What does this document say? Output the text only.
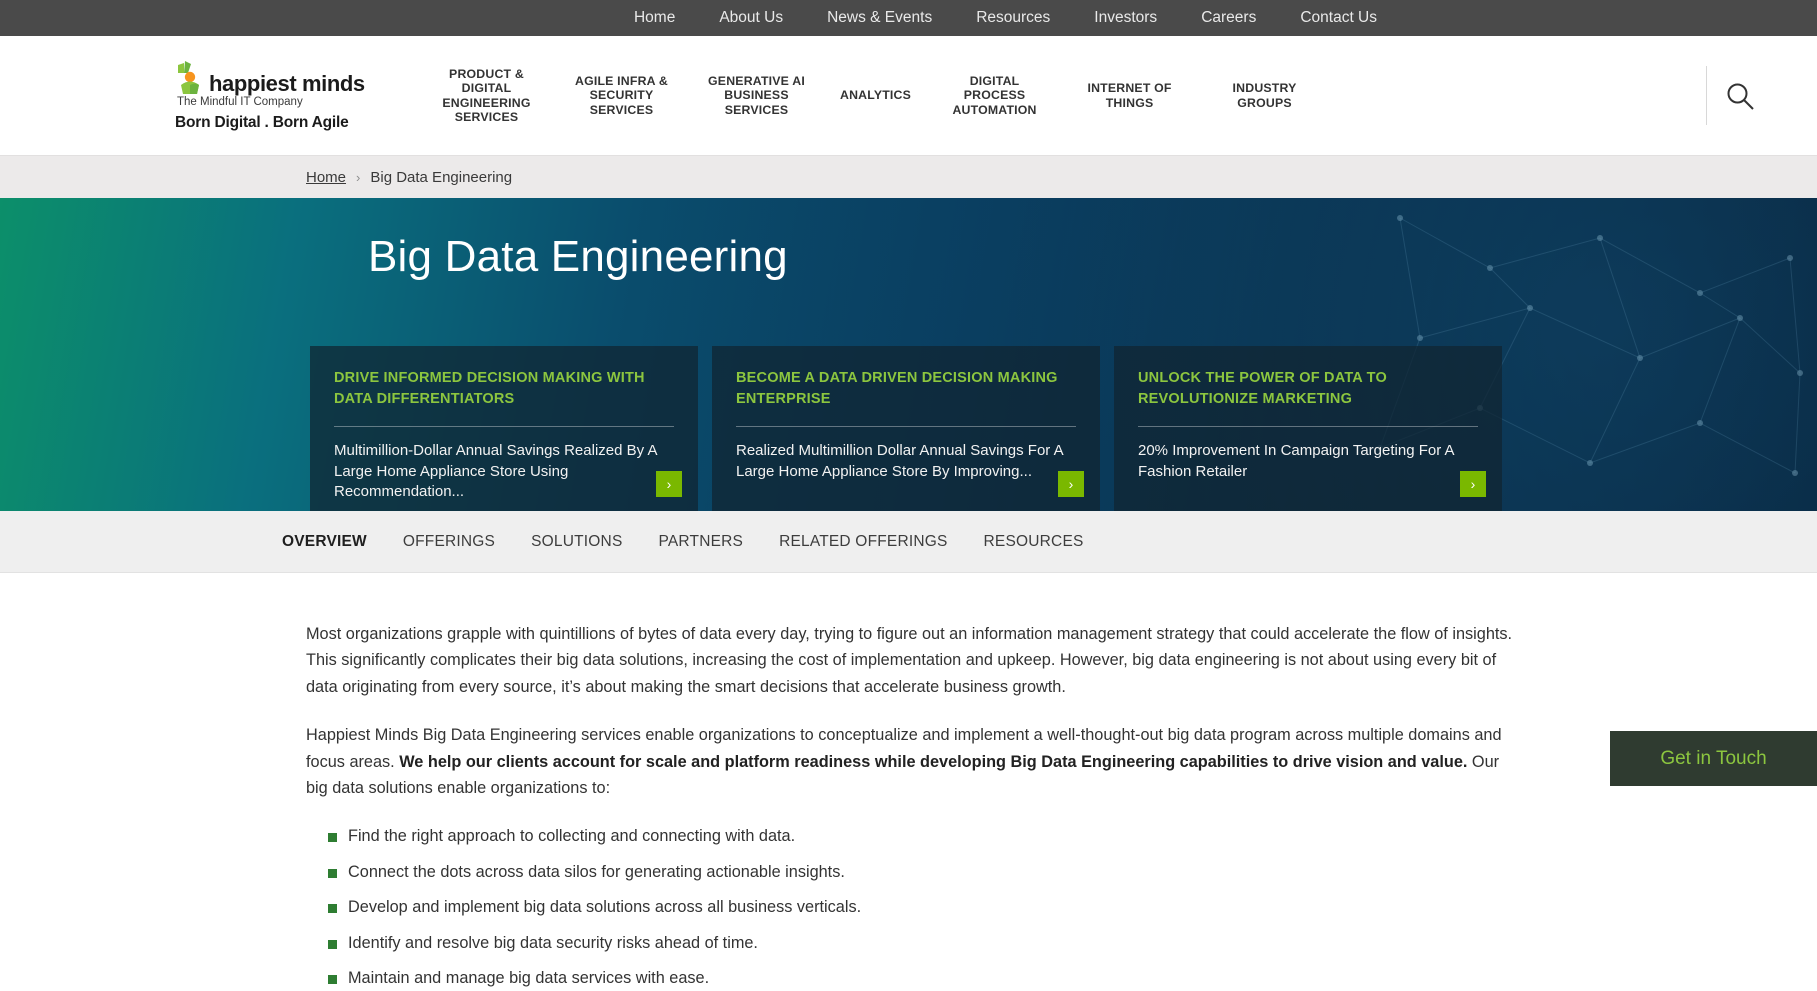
Home	About Us	News & Events	Resources	Investors	Careers	Contact Us
happiest minds
The Mindful IT Company
Born Digital . Born Agile
PRODUCT & DIGITAL ENGINEERING SERVICES
AGILE INFRA & SECURITY SERVICES
GENERATIVE AI BUSINESS SERVICES
ANALYTICS
DIGITAL PROCESS AUTOMATION
INTERNET OF THINGS
INDUSTRY GROUPS
Home › Big Data Engineering
Big Data Engineering
DRIVE INFORMED DECISION MAKING WITH DATA DIFFERENTIATORS

Multimillion-Dollar Annual Savings Realized By A Large Home Appliance Store Using Recommendation...	›
BECOME A DATA DRIVEN DECISION MAKING ENTERPRISE

Realized Multimillion Dollar Annual Savings For A Large Home Appliance Store By Improving...

›
UNLOCK THE POWER OF DATA TO REVOLUTIONIZE MARKETING

20% Improvement In Campaign Targeting For A Fashion Retailer

›
OVERVIEW OFFERINGS SOLUTIONS PARTNERS RELATED OFFERINGS RESOURCES

Most organizations grapple with quintillions of bytes of data every day, trying to figure out an information management strategy that could accelerate the flow of insights. This significantly complicates their big data solutions, increasing the cost of implementation and upkeep. However, big data engineering is not about using every bit of data originating from every source, it’s about making the smart decisions that accelerate business growth.

Happiest Minds Big Data Engineering services enable organizations to conceptualize and implement a well-thought-out big data program across multiple domains and focus areas. We help our clients account for scale and platform readiness while developing Big Data Engineering capabilities to drive vision and value. Our big data solutions enable organizations to:

Find the right approach to collecting and connecting with data.
Connect the dots across data silos for generating actionable insights.
Develop and implement big data solutions across all business verticals.
Identify and resolve big data security risks ahead of time.
Maintain and manage big data services with ease.
Get in Touch
